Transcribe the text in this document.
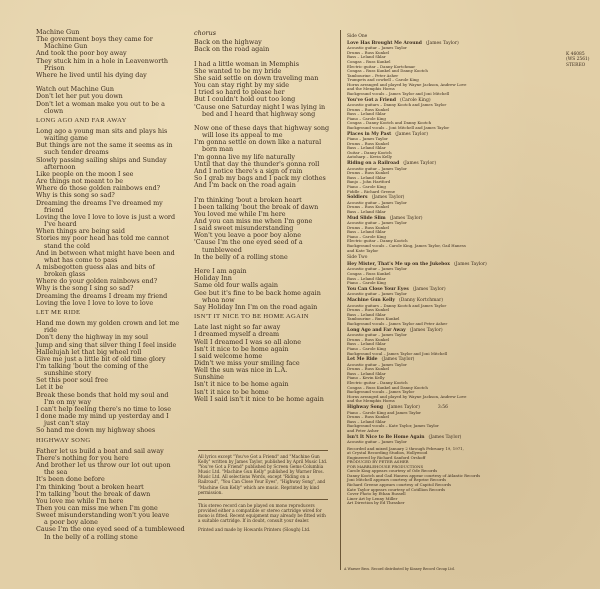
Machine Gun
The government boys they came for
Machine Gun
And took the poor boy away
They stuck him in a hole in Leavenworth
Prison
Where he lived until his dying day
Watch out Machine Gun
Don't let her put you down
Don't let a woman make you out to be a
clown
LONG AGO AND FAR AWAY
Long ago a young man sits and plays his
waiting game
But things are not the same it seems as in
such tender dreams
Slowly passing sailing ships and Sunday
afternoon
Like people on the moon I see
Are things not meant to be
Where do those golden rainbows end?
Why is this song so sad?
Dreaming the dreams I've dreamed my
friend
Loving the love I love to love is just a word
I've heard
When things are being said
Stories my poor head has told me cannot
stand the cold
And in between what might have been and
what has come to pass
A misbegotten guess alas and bits of
broken glass
Where do your golden rainbows end?
Why is the song I sing so sad?
Dreaming the dreams I dream my friend
Loving the love I love to love to love
LET ME RIDE
Hand me down my golden crown and let me
ride
Don't deny the highway in my soul
Jump and sing that silver thing I feel inside
Hallelujah let that big wheel roll
Give me just a little bit of old time glory
I'm talking 'bout the coming of the
sunshine story
Set this poor soul free
Let it be
Break these bonds that hold my soul and
I'm on my way
I can't help feeling there's no time to lose
I done made my mind up yesterday and I
just can't stay
So hand me down my highway shoes
HIGHWAY SONG
Father let us build a boat and sail away
There's nothing for you here
And brother let us throw our lot out upon
the sea
It's been done before
I'm thinking 'bout a broken heart
I'm talking 'bout the break of dawn
You love me while I'm here
Then you can miss me when I'm gone
Sweet misunderstanding won't you leave
a poor boy alone
Cause I'm the one eyed seed of a tumbleweed
In the belly of a rolling stone
chorus
Back on the highway
Back on the road again
I had a little woman in Memphis
She wanted to be my bride
She said settle on down traveling man
You can stay right by my side
I tried so hard to please her
But I couldn't hold out too long
'Cause one Saturday night I was lying in
bed and I heard that highway song
Now one of these days that highway song
will lose its appeal to me
I'm gonna settle on down like a natural
born man
I'm gonna live my life naturally
Until that day the thunder's gonna roll
And I notice there's a sign of rain
So I grab my bags and I pack my clothes
And I'm back on the road again
I'm thinking 'bout a broken heart
I been talking 'bout the break of dawn
You loved me while I'm here
And you can miss me when I'm gone
I said sweet misunderstanding
Won't you leave a poor boy alone
'Cause I'm the one eyed seed of a
tumbleweed
In the belly of a rolling stone
Here I am again
Holiday Inn
Same old four walls again
Gee but it's fine to be back home again
whoa now
Say Holiday Inn I'm on the road again
ISN'T IT NICE TO BE HOME AGAIN
Late last night so far away
I dreamed myself a dream
Well I dreamed I was so all alone
Isn't it nice to be home again
I said welcome home
Didn't we miss your smiling face
Well the sun was nice in L.A.
Sunshine
Isn't it nice to be home again
Isn't it nice to be home
Well I said isn't it nice to be home again
All lyrics except "You've Got a Friend" and "Machine Gun Kelly" written by James Taylor, published by April Music Ltd. "You've Got a Friend" published by Screen Gems-Columbia Music Ltd. "Machine Gun Kelly" published by Warner Bros. Music Ltd. All selections Words, except "Riding on a Railroad", "You Can Close Your Eyes", "Highway Song", and "Machine Gun Kelly" which are music. Reprinted by kind permission.
This stereo record can be played on mono reproducers provided either a compatible or stereo cartridge wired for mono is fitted. Recent equipment may already be fitted with a suitable cartridge. If in doubt, consult your dealer.
Printed and made by Howards Printers (Slough) Ltd.
K 46085
(WS 2561)
STEREO
Side One
Love Has Brought Me Around (James Taylor)
Acoustic guitar – James Taylor
Drums – Russ Kunkel
Bass – Leland Sklar
Congas – Russ Kunkel
Electric guitar – Danny Kortchmar
Congas – Russ Kunkel and Danny Kootch
Tambourine – Peter Asher
Trumpets and cowbell – Carole King
Horns arranged and played by Wayne Jackson, Andrew Love
and the Memphis Horns
Background vocals – James Taylor and Joni Mitchell
You've Got a Friend (Carole King)
Acoustic guitars – Danny Kootch and James Taylor
Drums – Russ Kunkel
Bass – Leland Sklar
Piano – Carole King
Congas – Danny Kootch and Danny Kootch
Background vocals – Joni Mitchell and James Taylor
Places in My Past (James Taylor)
Piano – James Taylor
Drums – Russ Kunkel
Bass – Leland Sklar
Guitar – Danny Kootch
Autoharp – Kevin Kelly
Riding on a Railroad (James Taylor)
Acoustic guitar – James Taylor
Drums – Russ Kunkel
Bass – Leland Sklar
Banjo – John Hartford
Piano – Carole King
Fiddle – Richard Greene
Soldiers (James Taylor)
Acoustic guitar – James Taylor
Drums – Russ Kunkel
Bass – Leland Sklar
Mud Slide Slim (James Taylor)
Acoustic guitar – James Taylor
Drums – Russ Kunkel
Bass – Leland Sklar
Piano – Carole King
Electric guitar – Danny Kootch
Background vocals – Carole King, James Taylor, Gail Haness
and Kate Taylor
Side Two
Hey Mister, That's Me up on the Jukebox (James Taylor)
Acoustic guitar – James Taylor
Congas – Russ Kunkel
Bass – Leland Sklar
Piano – Carole King
You Can Close Your Eyes (James Taylor)
Acoustic guitar – James Taylor
Machine Gun Kelly (Danny Kortchmar)
Acoustic guitars – Danny Kootch and James Taylor
Drums – Russ Kunkel
Bass – Leland Sklar
Tambourine – Russ Kunkel
Background vocals – James Taylor and Peter Asher
Long Ago and Far Away (James Taylor)
Acoustic guitar – James Taylor
Drums – Russ Kunkel
Bass – Leland Sklar
Piano – Carole King
Background vocal – James Taylor and Joni Mitchell
Let Me Ride (James Taylor)
Acoustic guitar – James Taylor
Drums – Russ Kunkel
Bass – Leland Sklar
Piano – Kevin Kelly
Electric guitar – Danny Kootch
Congas – Russ Kunkel and Danny Kootch
Background vocals – James Taylor
Horns arranged and played by Wayne Jackson, Andrew Love
and the Memphis Horns
Highway Song (James Taylor)	3:56
Piano – Carole King and James Taylor
Drums – Russ Kunkel
Bass – Leland Sklar
Background vocals – Kate Taylor, James Taylor
and Peter Asher
Isn't It Nice to Be Home Again (James Taylor)
Acoustic guitar – James Taylor
Recorded and mixed January 2 through February 19, 1971,
at Crystal Recording Studios, Hollywood
Engineered by Richard Sanford Orshoff
PRODUCED BY PETER ASHER
FOR MARBLEHOUSE PRODUCTIONS
Carole King appears courtesy of Ode Records
Danny Kootch and Gail Haness appear courtesy of Atlantic Records
Joni Mitchell appears courtesy of Reprise Records
Richard Greene appears courtesy of Capitol Records
Kate Taylor appears courtesy of Cotillion Records
Cover Photo by Ethan Russell
Liner Art by Lenny Miller
Art Direction by Ed Thrasher
A Warner Bros. Record distributed by Kinney Record Group Ltd.
